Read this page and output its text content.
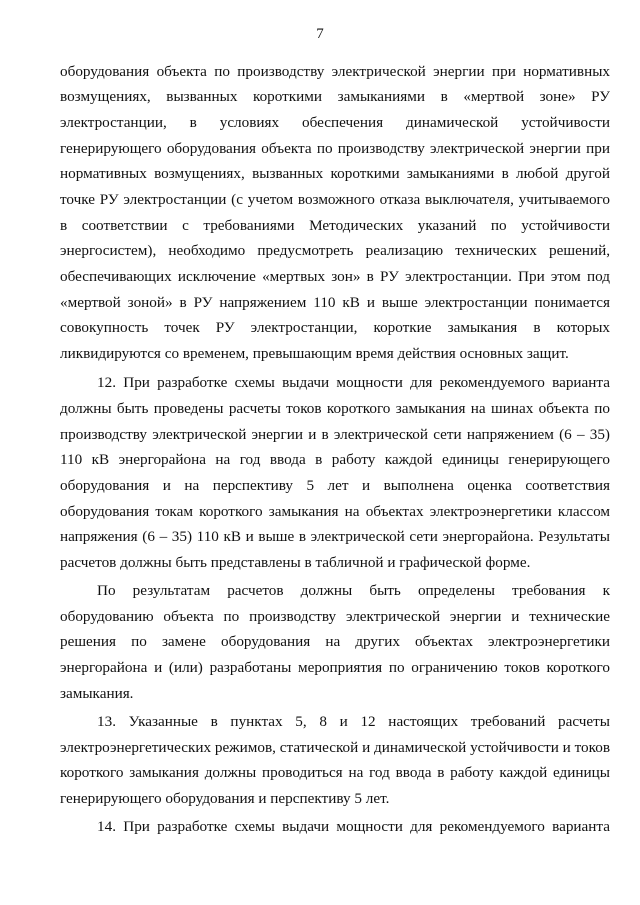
7
оборудования объекта по производству электрической энергии при нормативных
возмущениях, вызванных короткими замыканиями в «мертвой зоне» РУ
электростанции, в условиях обеспечения динамической устойчивости
генерирующего оборудования объекта по производству электрической энергии при
нормативных возмущениях, вызванных короткими замыканиями в любой другой
точке РУ электростанции (с учетом возможного отказа выключателя, учитываемого
в соответствии с требованиями Методических указаний по устойчивости
энергосистем), необходимо предусмотреть реализацию технических решений,
обеспечивающих исключение «мертвых зон» в РУ электростанции. При этом под
«мертвой зоной» в РУ напряжением 110 кВ и выше электростанции понимается
совокупность точек РУ электростанции, короткие замыкания в которых
ликвидируются со временем, превышающим время действия основных защит.
12. При разработке схемы выдачи мощности для рекомендуемого варианта
должны быть проведены расчеты токов короткого замыкания на шинах объекта по
производству электрической энергии и в электрической сети напряжением (6 – 35)
110 кВ энергорайона на год ввода в работу каждой единицы генерирующего
оборудования и на перспективу 5 лет и выполнена оценка соответствия
оборудования токам короткого замыкания на объектах электроэнергетики классом
напряжения (6 – 35) 110 кВ и выше в электрической сети энергорайона. Результаты
расчетов должны быть представлены в табличной и графической форме.
По результатам расчетов должны быть определены требования к
оборудованию объекта по производству электрической энергии и технические
решения по замене оборудования на других объектах электроэнергетики
энергорайона и (или) разработаны мероприятия по ограничению токов короткого
замыкания.
13. Указанные в пунктах 5, 8 и 12 настоящих требований расчеты
электроэнергетических режимов, статической и динамической устойчивости и токов
короткого замыкания должны проводиться на год ввода в работу каждой единицы
генерирующего оборудования и перспективу 5 лет.
14. При разработке схемы выдачи мощности для рекомендуемого варианта
